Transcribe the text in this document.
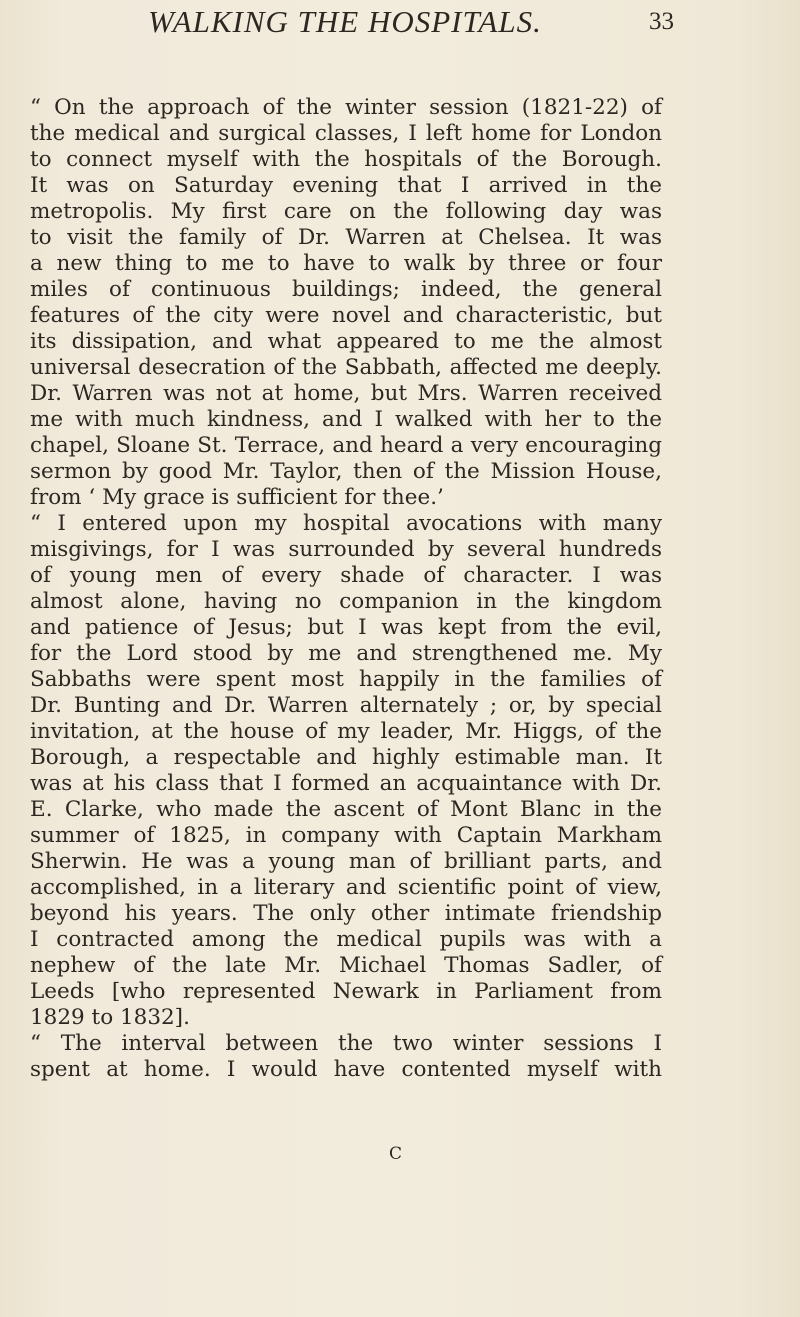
WALKING THE HOSPITALS.	33
“ On the approach of the winter session (1821-22) of
the medical and surgical classes, I left home for London
to connect myself with the hospitals of the Borough.
It was on Saturday evening that I arrived in the
metropolis. My first care on the following day was
to visit the family of Dr. Warren at Chelsea. It was
a new thing to me to have to walk by three or four
miles of continuous buildings; indeed, the general
features of the city were novel and characteristic, but
its dissipation, and what appeared to me the almost
universal desecration of the Sabbath, affected me deeply.
Dr. Warren was not at home, but Mrs. Warren received
me with much kindness, and I walked with her to the
chapel, Sloane St. Terrace, and heard a very encouraging
sermon by good Mr. Taylor, then of the Mission House,
from ‘ My grace is sufficient for thee.’
“ I entered upon my hospital avocations with many
misgivings, for I was surrounded by several hundreds
of young men of every shade of character. I was
almost alone, having no companion in the kingdom
and patience of Jesus; but I was kept from the evil,
for the Lord stood by me and strengthened me. My
Sabbaths were spent most happily in the families of
Dr. Bunting and Dr. Warren alternately ; or, by special
invitation, at the house of my leader, Mr. Higgs, of the
Borough, a respectable and highly estimable man. It
was at his class that I formed an acquaintance with Dr.
E. Clarke, who made the ascent of Mont Blanc in the
summer of 1825, in company with Captain Markham
Sherwin. He was a young man of brilliant parts, and
accomplished, in a literary and scientific point of view,
beyond his years. The only other intimate friendship
I contracted among the medical pupils was with a
nephew of the late Mr. Michael Thomas Sadler, of
Leeds [who represented Newark in Parliament from
1829 to 1832].
“ The interval between the two winter sessions I
spent at home. I would have contented myself with
C
